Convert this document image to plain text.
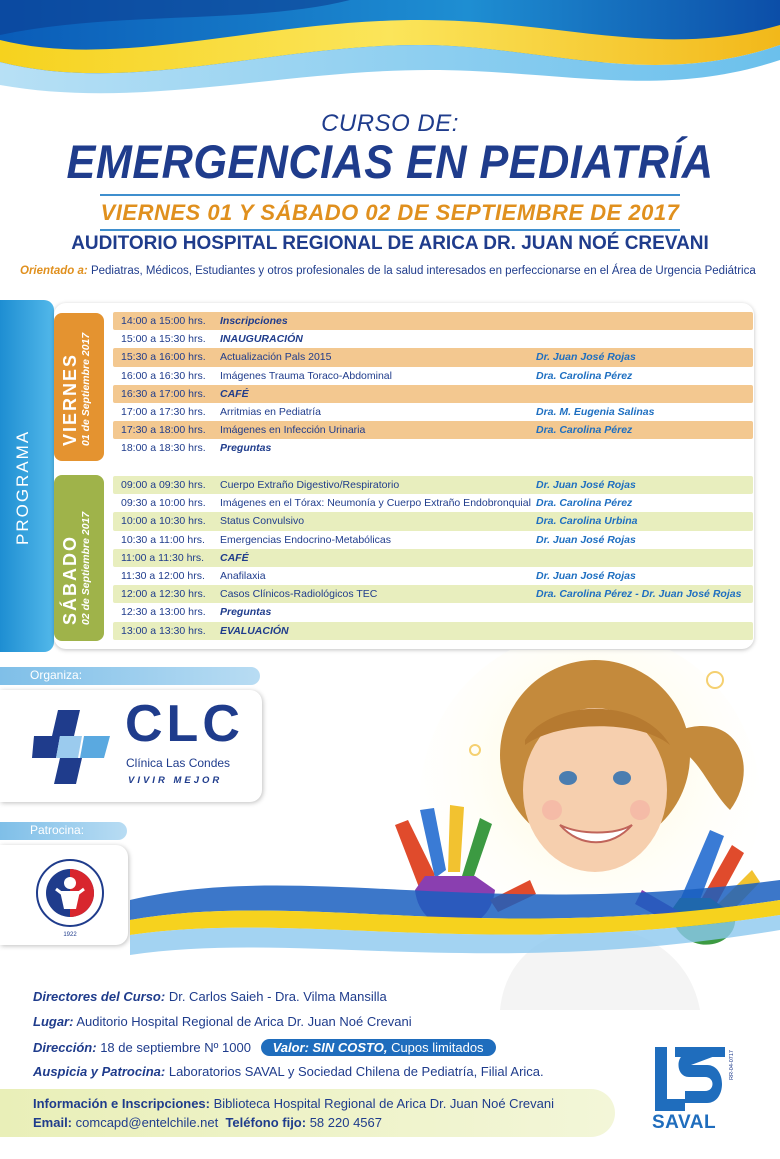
CURSO DE:
EMERGENCIAS EN PEDIATRÍA
VIERNES 01 Y SÁBADO 02 DE SEPTIEMBRE DE 2017
AUDITORIO HOSPITAL REGIONAL DE ARICA DR. JUAN NOÉ CREVANI
Orientado a: Pediatras, Médicos, Estudiantes y otros profesionales de la salud interesados en perfeccionarse en el Área de Urgencia Pediátrica
PROGRAMA
VIERNES 01 de Septiembre 2017
SÁBADO 02 de Septiembre 2017
14:00 a 15:00 hrs. Inscripciones
15:00 a 15:30 hrs. INAUGURACIÓN
15:30 a 16:00 hrs. Actualización Pals 2015	Dr. Juan José Rojas
16:00 a 16:30 hrs. Imágenes Trauma Toraco-Abdominal	Dra. Carolina Pérez
16:30 a 17:00 hrs. CAFÉ
17:00 a 17:30 hrs. Arritmias en Pediatría	Dra. M. Eugenia Salinas
17:30 a 18:00 hrs. Imágenes en Infección Urinaria	Dra. Carolina Pérez
18:00 a 18:30 hrs. Preguntas
09:00 a 09:30 hrs. Cuerpo Extraño Digestivo/Respiratorio	Dr. Juan José Rojas
09:30 a 10:00 hrs. Imágenes en el Tórax: Neumonía y Cuerpo Extraño Endobronquial Dra. Carolina Pérez
10:00 a 10:30 hrs. Status Convulsivo	Dra. Carolina Urbina
10:30 a 11:00 hrs. Emergencias Endocrino-Metabólicas	Dr. Juan José Rojas
11:00 a 11:30 hrs. CAFÉ
11:30 a 12:00 hrs. Anafilaxia	Dr. Juan José Rojas
12:00 a 12:30 hrs. Casos Clínicos-Radiológicos TEC	Dra. Carolina Pérez - Dr. Juan José Rojas
12:30 a 13:00 hrs. Preguntas
13:00 a 13:30 hrs. EVALUACIÓN
Organiza:
CLC
Clínica Las Condes
VIVIR MEJOR
Patrocina:
1922
Directores del Curso: Dr. Carlos Saieh - Dra. Vilma Mansilla
Lugar: Auditorio Hospital Regional de Arica Dr. Juan Noé Crevani
Dirección: 18 de septiembre Nº 1000 Valor: SIN COSTO, Cupos limitados
Auspicia y Patrocina: Laboratorios SAVAL y Sociedad Chilena de Pediatría, Filial Arica.
Información e Inscripciones: Biblioteca Hospital Regional de Arica Dr. Juan Noé Crevani
Email: comcapd@entelchile.net Teléfono fijo: 58 220 4567	SAVAL
RR-04-0717
